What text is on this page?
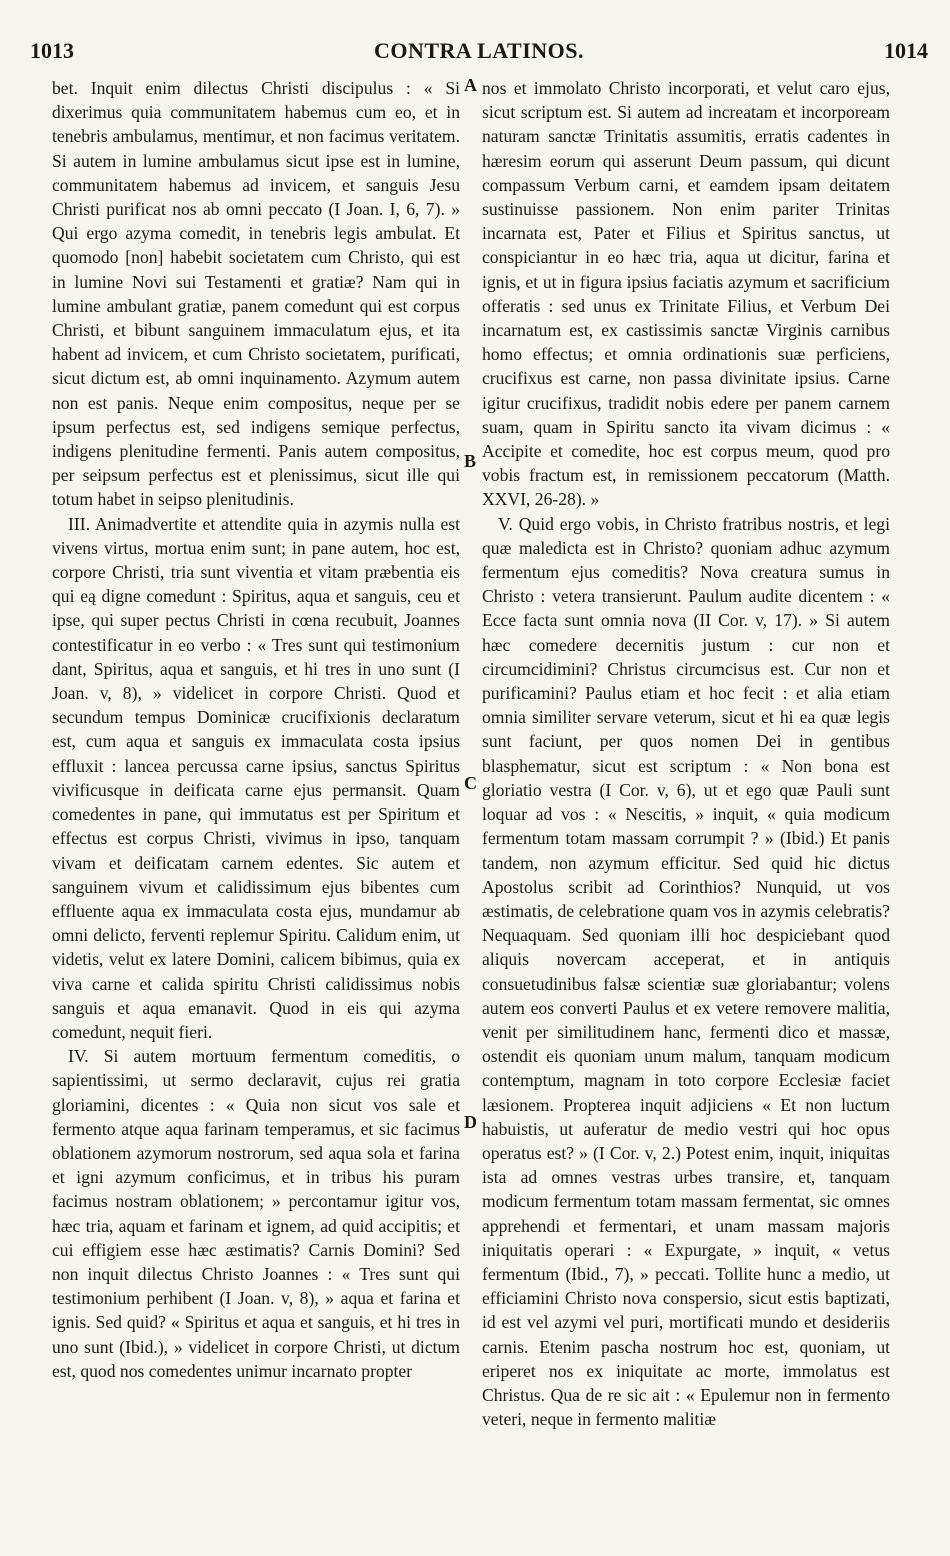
1013	CONTRA LATINOS.	1014

bet. Inquit enim dilectus Christi discipulus : « Si dixerimus quia communitatem habemus cum eo, et in tenebris ambulamus, mentimur, et non facimus veritatem. Si autem in lumine ambulamus sicut ipse est in lumine, communitatem habemus ad invicem, et sanguis Jesu Christi purificat nos ab omni peccato (I Joan. I, 6, 7). » Qui ergo azyma comedit, in tenebris legis ambulat. Et quomodo [non] habebit societatem cum Christo, qui est in lumine Novi sui Testamenti et gratiæ? Nam qui in lumine ambulant gratiæ, panem comedunt qui est corpus Christi, et bibunt sanguinem immaculatum ejus, et ita habent ad invicem, et cum Christo societatem, purificati, sicut dictum est, ab omni inquinamento. Azymum autem non est panis. Neque enim compositus, neque per se ipsum perfectus est, sed indigens semique perfectus, indigens plenitudine fermenti. Panis autem compositus, per seipsum perfectus est et plenissimus, sicut ille qui totum habet in seipso plenitudinis.

III. Animadvertite et attendite quia in azymis nulla est vivens virtus, mortua enim sunt; in pane autem, hoc est, corpore Christi, tria sunt viventia et vitam præbentia eis qui eą digne comedunt : Spiritus, aqua et sanguis, ceu et ipse, qui super pectus Christi in cœna recubuit, Joannes contestificatur in eo verbo : « Tres sunt qui testimonium dant, Spiritus, aqua et sanguis, et hi tres in uno sunt (I Joan. v, 8), » videlicet in corpore Christi. Quod et secundum tempus Dominicæ crucifixionis declaratum est, cum aqua et sanguis ex immaculata costa ipsius effluxit : lancea percussa carne ipsius, sanctus Spiritus vivificusque in deificata carne ejus permansit. Quam comedentes in pane, qui immutatus est per Spiritum et effectus est corpus Christi, vivimus in ipso, tanquam vivam et deificatam carnem edentes. Sic autem et sanguinem vivum et calidissimum ejus bibentes cum effluente aqua ex immaculata costa ejus, mundamur ab omni delicto, ferventi replemur Spiritu. Calidum enim, ut videtis, velut ex latere Domini, calicem bibimus, quia ex viva carne et calida spiritu Christi calidissimus nobis sanguis et aqua emanavit. Quod in eis qui azyma comedunt, nequit fieri.

IV. Si autem mortuum fermentum comeditis, o sapientissimi, ut sermo declaravit, cujus rei gratia gloriamini, dicentes : « Quia non sicut vos sale et fermento atque aqua farinam temperamus, et sic facimus oblationem azymorum nostrorum, sed aqua sola et farina et igni azymum conficimus, et in tribus his puram facimus nostram oblationem; » percontamur igitur vos, hæc tria, aquam et farinam et ignem, ad quid accipitis; et cui effigiem esse hæc æstimatis? Carnis Domini? Sed non inquit dilectus Christo Joannes : « Tres sunt qui testimonium perhibent (I Joan. v, 8), » aqua et farina et ignis. Sed quid? « Spiritus et aqua et sanguis, et hi tres in uno sunt (Ibid.), » videlicet in corpore Christi, ut dictum est, quod nos comedentes unimur incarnato propter

A
B
C
D

nos et immolato Christo incorporati, et velut caro ejus, sicut scriptum est. Si autem ad increatam et incorpoream naturam sanctæ Trinitatis assumitis, erratis cadentes in hæresim eorum qui asserunt Deum passum, qui dicunt compassum Verbum carni, et eamdem ipsam deitatem sustinuisse passionem. Non enim pariter Trinitas incarnata est, Pater et Filius et Spiritus sanctus, ut conspiciantur in eo hæc tria, aqua ut dicitur, farina et ignis, et ut in figura ipsius faciatis azymum et sacrificium offeratis : sed unus ex Trinitate Filius, et Verbum Dei incarnatum est, ex castissimis sanctæ Virginis carnibus homo effectus; et omnia ordinationis suæ perficiens, crucifixus est carne, non passa divinitate ipsius. Carne igitur crucifixus, tradidit nobis edere per panem carnem suam, quam in Spiritu sancto ita vivam dicimus : « Accipite et comedite, hoc est corpus meum, quod pro vobis fractum est, in remissionem peccatorum (Matth. XXVI, 26-28). »

V. Quid ergo vobis, in Christo fratribus nostris, et legi quæ maledicta est in Christo? quoniam adhuc azymum fermentum ejus comeditis? Nova creatura sumus in Christo : vetera transierunt. Paulum audite dicentem : « Ecce facta sunt omnia nova (II Cor. v, 17). » Si autem hæc comedere decernitis justum : cur non et circumcidimini? Christus circumcisus est. Cur non et purificamini? Paulus etiam et hoc fecit : et alia etiam omnia similiter servare veterum, sicut et hi ea quæ legis sunt faciunt, per quos nomen Dei in gentibus blasphematur, sicut est scriptum : « Non bona est gloriatio vestra (I Cor. v, 6), ut et ego quæ Pauli sunt loquar ad vos : « Nescitis, » inquit, « quia modicum fermentum totam massam corrumpit ? » (Ibid.) Et panis tandem, non azymum efficitur. Sed quid hic dictus Apostolus scribit ad Corinthios? Nunquid, ut vos æstimatis, de celebratione quam vos in azymis celebratis? Nequaquam. Sed quoniam illi hoc despiciebant quod aliquis novercam acceperat, et in antiquis consuetudinibus falsæ scientiæ suæ gloriabantur; volens autem eos converti Paulus et ex vetere removere malitia, venit per similitudinem hanc, fermenti dico et massæ, ostendit eis quoniam unum malum, tanquam modicum contemptum, magnam in toto corpore Ecclesiæ faciet læsionem. Propterea inquit adjiciens « Et non luctum habuistis, ut auferatur de medio vestri qui hoc opus operatus est? » (I Cor. v, 2.) Potest enim, inquit, iniquitas ista ad omnes vestras urbes transire, et, tanquam modicum fermentum totam massam fermentat, sic omnes apprehendi et fermentari, et unam massam majoris iniquitatis operari : « Expurgate, » inquit, « vetus fermentum (Ibid., 7), » peccati. Tollite hunc a medio, ut efficiamini Christo nova conspersio, sicut estis baptizati, id est vel azymi vel puri, mortificati mundo et desideriis carnis. Etenim pascha nostrum hoc est, quoniam, ut eriperet nos ex iniquitate ac morte, immolatus est Christus. Qua de re sic ait : « Epulemur non in fermento veteri, neque in fermento malitiæ
